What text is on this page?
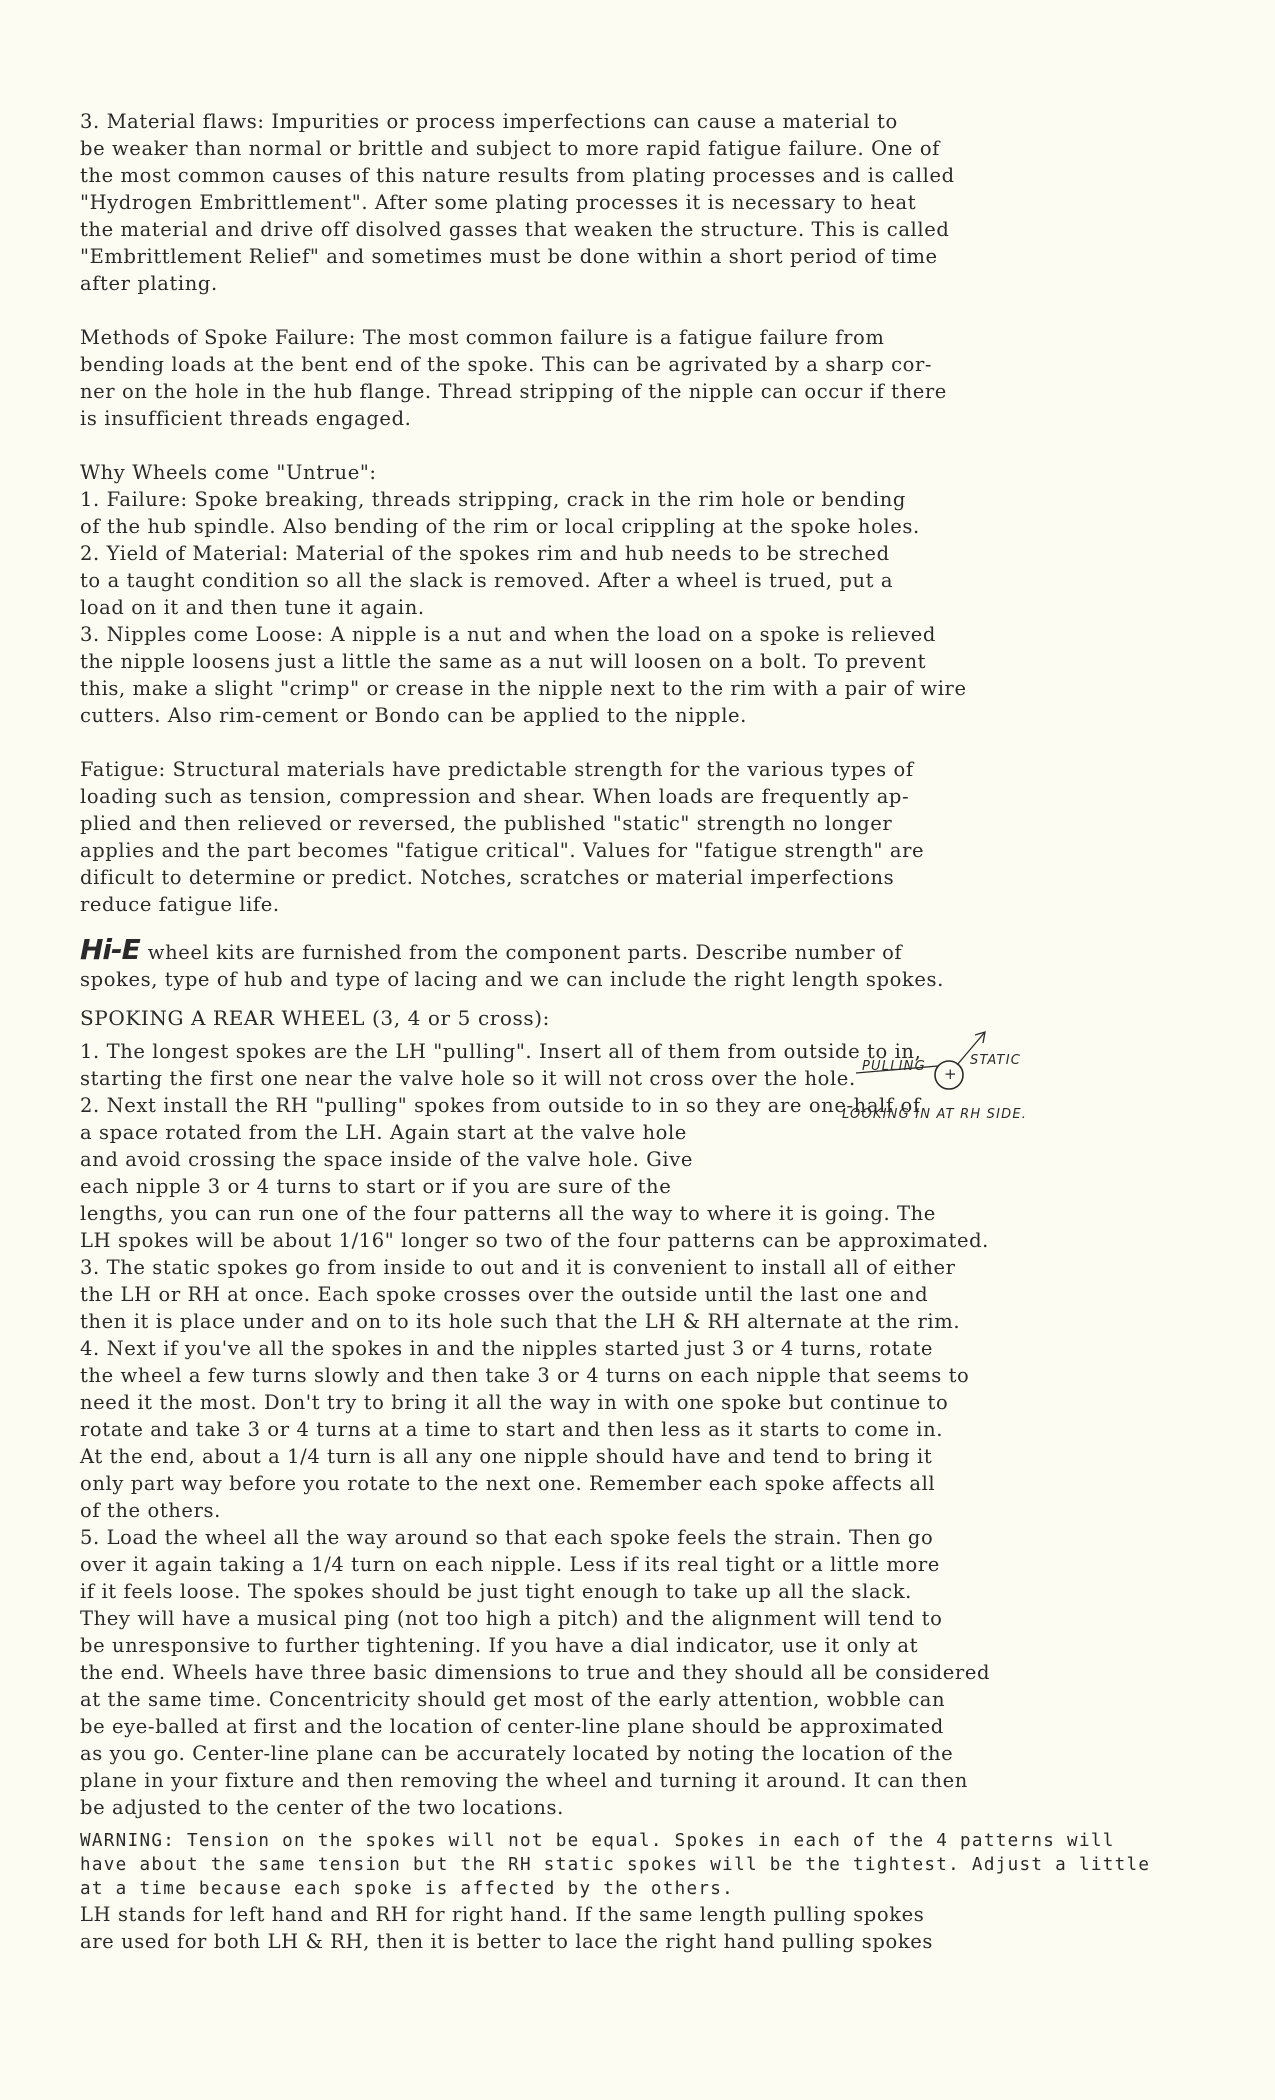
3. Material flaws: Impurities or process imperfections can cause a material to
be weaker than normal or brittle and subject to more rapid fatigue failure. One of
the most common causes of this nature results from plating processes and is called
"Hydrogen Embrittlement". After some plating processes it is necessary to heat
the material and drive off disolved gasses that weaken the structure. This is called
"Embrittlement Relief" and sometimes must be done within a short period of time
after plating.
Methods of Spoke Failure: The most common failure is a fatigue failure from
bending loads at the bent end of the spoke. This can be agrivated by a sharp cor-
ner on the hole in the hub flange. Thread stripping of the nipple can occur if there
is insufficient threads engaged.
Why Wheels come "Untrue":
1. Failure: Spoke breaking, threads stripping, crack in the rim hole or bending
of the hub spindle. Also bending of the rim or local crippling at the spoke holes.
2. Yield of Material: Material of the spokes rim and hub needs to be streched
to a taught condition so all the slack is removed. After a wheel is trued, put a
load on it and then tune it again.
3. Nipples come Loose: A nipple is a nut and when the load on a spoke is relieved
the nipple loosens just a little the same as a nut will loosen on a bolt. To prevent
this, make a slight "crimp" or crease in the nipple next to the rim with a pair of wire
cutters. Also rim-cement or Bondo can be applied to the nipple.
Fatigue: Structural materials have predictable strength for the various types of
loading such as tension, compression and shear. When loads are frequently ap-
plied and then relieved or reversed, the published "static" strength no longer
applies and the part becomes "fatigue critical". Values for "fatigue strength" are
dificult to determine or predict. Notches, scratches or material imperfections
reduce fatigue life.
Hi-E wheel kits are furnished from the component parts. Describe number of
spokes, type of hub and type of lacing and we can include the right length spokes.
SPOKING A REAR WHEEL (3, 4 or 5 cross):
1. The longest spokes are the LH "pulling". Insert all of them from outside to in,
starting the first one near the valve hole so it will not cross over the hole.
2. Next install the RH "pulling" spokes from outside to in so they are one-half of
a space rotated from the LH. Again start at the valve hole
and avoid crossing the space inside of the valve hole. Give
each nipple 3 or 4 turns to start or if you are sure of the
lengths, you can run one of the four patterns all the way to where it is going. The
LH spokes will be about 1/16" longer so two of the four patterns can be approximated.
3. The static spokes go from inside to out and it is convenient to install all of either
the LH or RH at once. Each spoke crosses over the outside until the last one and
then it is place under and on to its hole such that the LH & RH alternate at the rim.
4. Next if you've all the spokes in and the nipples started just 3 or 4 turns, rotate
the wheel a few turns slowly and then take 3 or 4 turns on each nipple that seems to
need it the most. Don't try to bring it all the way in with one spoke but continue to
rotate and take 3 or 4 turns at a time to start and then less as it starts to come in.
At the end, about a 1/4 turn is all any one nipple should have and tend to bring it
only part way before you rotate to the next one. Remember each spoke affects all
of the others.
5. Load the wheel all the way around so that each spoke feels the strain. Then go
over it again taking a 1/4 turn on each nipple. Less if its real tight or a little more
if it feels loose. The spokes should be just tight enough to take up all the slack.
They will have a musical ping (not too high a pitch) and the alignment will tend to
be unresponsive to further tightening. If you have a dial indicator, use it only at
the end. Wheels have three basic dimensions to true and they should all be considered
at the same time. Concentricity should get most of the early attention, wobble can
be eye-balled at first and the location of center-line plane should be approximated
as you go. Center-line plane can be accurately located by noting the location of the
plane in your fixture and then removing the wheel and turning it around. It can then
be adjusted to the center of the two locations.
WARNING: Tension on the spokes will not be equal. Spokes in each of the 4 patterns will
have about the same tension but the RH static spokes will be the tightest. Adjust a little
at a time because each spoke is affected by the others.
LH stands for left hand and RH for right hand. If the same length pulling spokes
are used for both LH & RH, then it is better to lace the right hand pulling spokes
PULLING	STATIC
+
LOOKING IN AT RH SIDE.
